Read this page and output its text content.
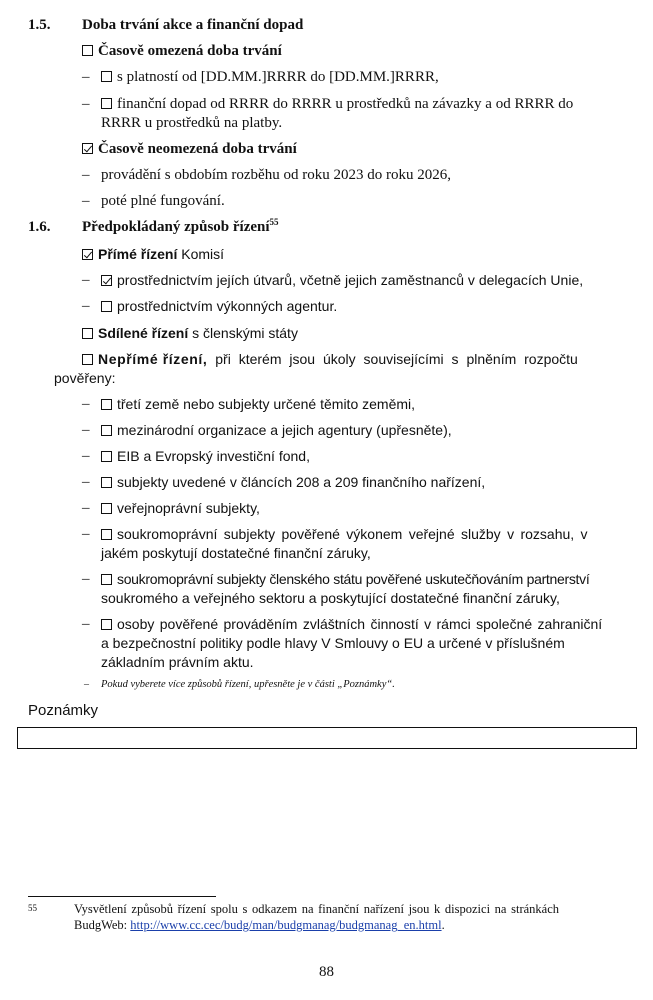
1.5. Doba trvání akce a finanční dopad
Časově omezená doba trvání
–	s platností od [DD.MM.]RRRR do [DD.MM.]RRRR,
–	finanční dopad od RRRR do RRRR u prostředků na závazky a od RRRR do
RRRR u prostředků na platby.
Časově neomezená doba trvání
– provádění s obdobím rozběhu od roku 2023 do roku 2026,
– poté plné fungování.
1.6. Předpokládaný způsob řízení$^{55}$
Přímé řízení Komisí
–	prostřednictvím jejích útvarů, včetně jejich zaměstnanců v delegacích Unie,
–	prostřednictvím výkonných agentur.
Sdílené řízení s členskými státy
Nepřímé řízení, při kterém jsou úkoly souvisejícími s plněním rozpočtu
pověřeny:
–	třetí země nebo subjekty určené těmito zeměmi,
–	mezinárodní organizace a jejich agentury (upřesněte),
–	EIB a Evropský investiční fond,
–	subjekty uvedené v článcích 208 a 209 finančního nařízení,
–	veřejnoprávní subjekty,
–	soukromoprávní subjekty pověřené výkonem veřejné služby v rozsahu, v
jakém poskytují dostatečné finanční záruky,
–	soukromoprávní subjekty členského státu pověřené uskutečňováním partnerství
soukromého a veřejného sektoru a poskytující dostatečné finanční záruky,
–	osoby pověřené prováděním zvláštních činností v rámci společné zahraniční
a bezpečnostní politiky podle hlavy V Smlouvy o EU a určené v příslušném
základním právním aktu.
– Pokud vyberete více způsobů řízení, upřesněte je v části „Poznámky“.
Poznámky
55	Vysvětlení způsobů řízení spolu s odkazem na finanční nařízení jsou k dispozici na stránkách
BudgWeb: http://www.cc.cec/budg/man/budgmanag/budgmanag_en.html.
88
